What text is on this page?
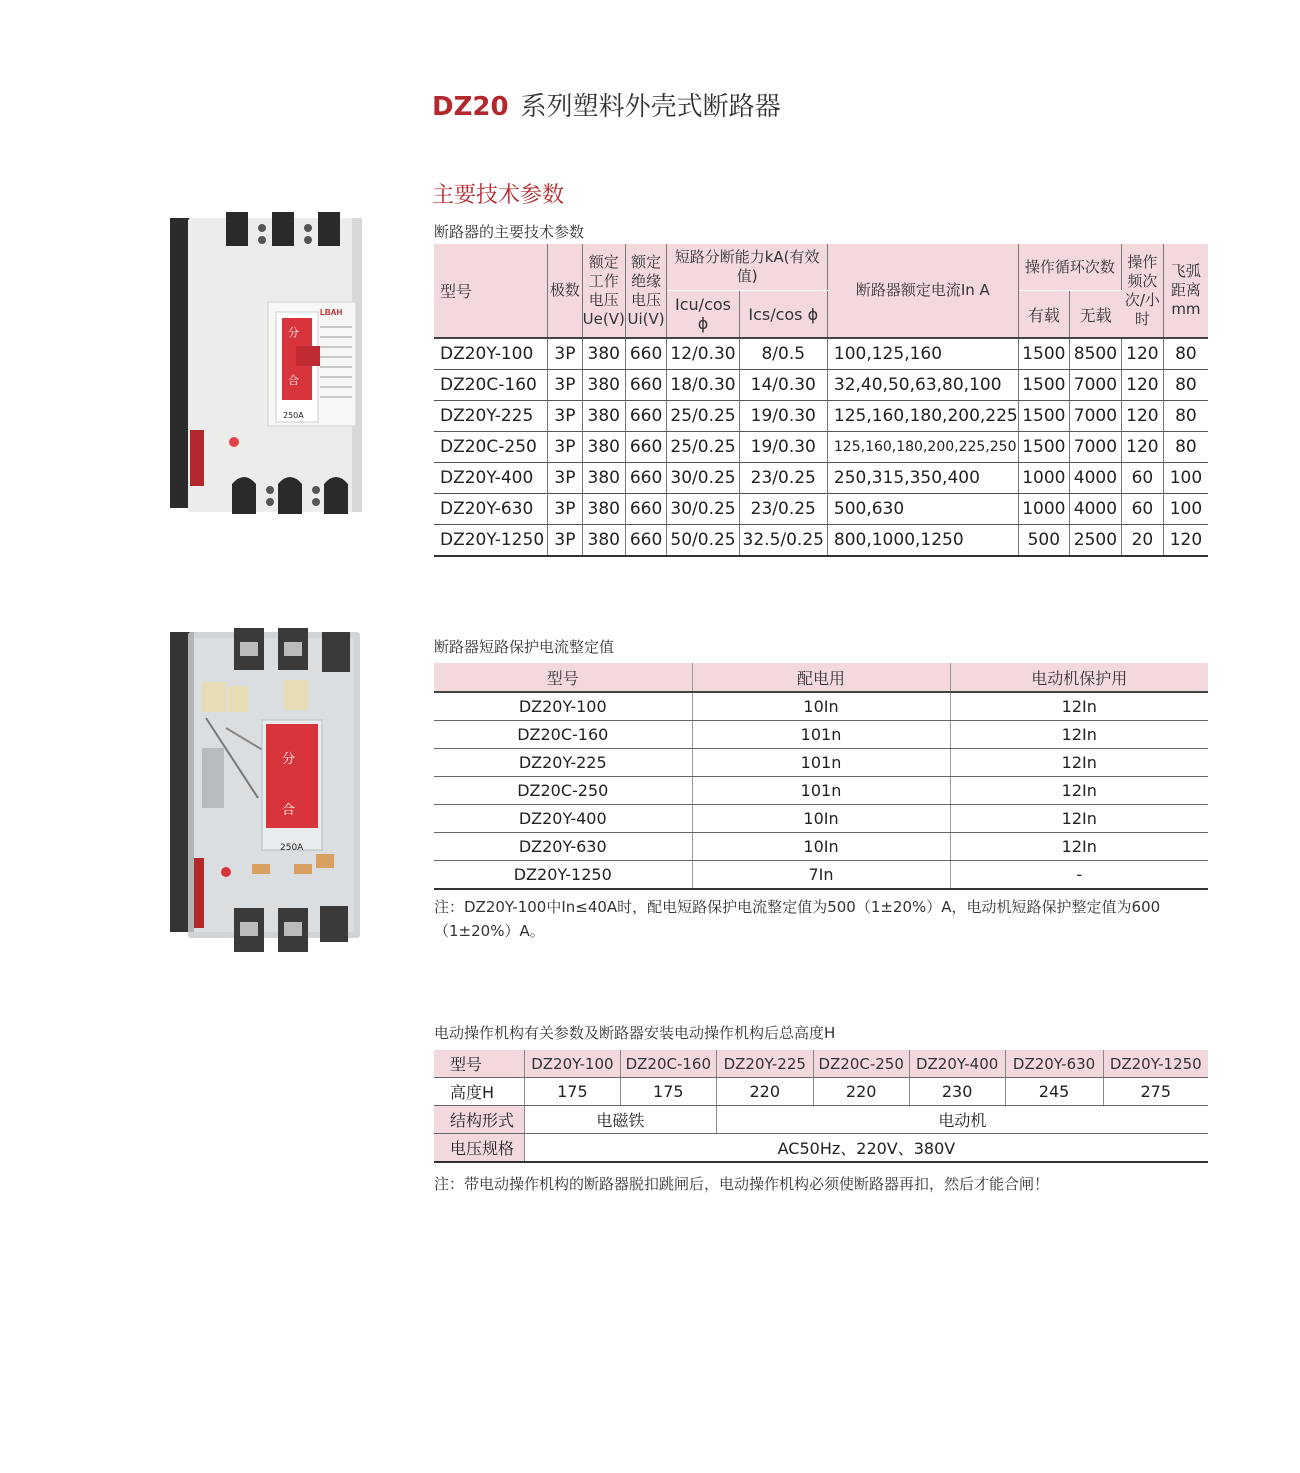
DZ20 系列塑料外壳式断路器
主要技术参数
LBAH
分
合
250A
分
合
250A
断路器的主要技术参数
型号	极数	额定工作电压Ue(V)	额定绝缘电压Ui(V)	短路分断能力kA(有效值)		断路器额定电流In A	操作循环次数		操作频次次/小时	飞弧距离mm
				Icu/cos ϕ	Ics/cos ϕ		有载	无载		
DZ20Y-100	3P	380	660	12/0.30	8/0.5	100,125,160	1500	8500	120	80
DZ20C-160	3P	380	660	18/0.30	14/0.30	32,40,50,63,80,100	1500	7000	120	80
DZ20Y-225	3P	380	660	25/0.25	19/0.30	125,160,180,200,225	1500	7000	120	80
DZ20C-250	3P	380	660	25/0.25	19/0.30	125,160,180,200,225,250	1500	7000	120	80
DZ20Y-400	3P	380	660	30/0.25	23/0.25	250,315,350,400	1000	4000	60	100
DZ20Y-630	3P	380	660	30/0.25	23/0.25	500,630	1000	4000	60	100
DZ20Y-1250	3P	380	660	50/0.25	32.5/0.25	800,1000,1250	500	2500	20	120
断路器短路保护电流整定值
型号	配电用	电动机保护用
DZ20Y-100	10In	12In
DZ20C-160	101n	12In
DZ20Y-225	101n	12In
DZ20C-250	101n	12In
DZ20Y-400	10In	12In
DZ20Y-630	10In	12In
DZ20Y-1250	7In	-
注：DZ20Y-100中In≤40A时，配电短路保护电流整定值为500（1±20%）A，电动机短路保护整定值为600（1±20%）A。
电动操作机构有关参数及断路器安装电动操作机构后总高度H
型号	DZ20Y-100	DZ20C-160	DZ20Y-225	DZ20C-250	DZ20Y-400	DZ20Y-630	DZ20Y-1250
高度H	175	175	220	220	230	245	275
结构形式	电磁铁		电动机				
电压规格	AC50Hz、220V、380V						
注：带电动操作机构的断路器脱扣跳闸后，电动操作机构必须使断路器再扣，然后才能合闸！
